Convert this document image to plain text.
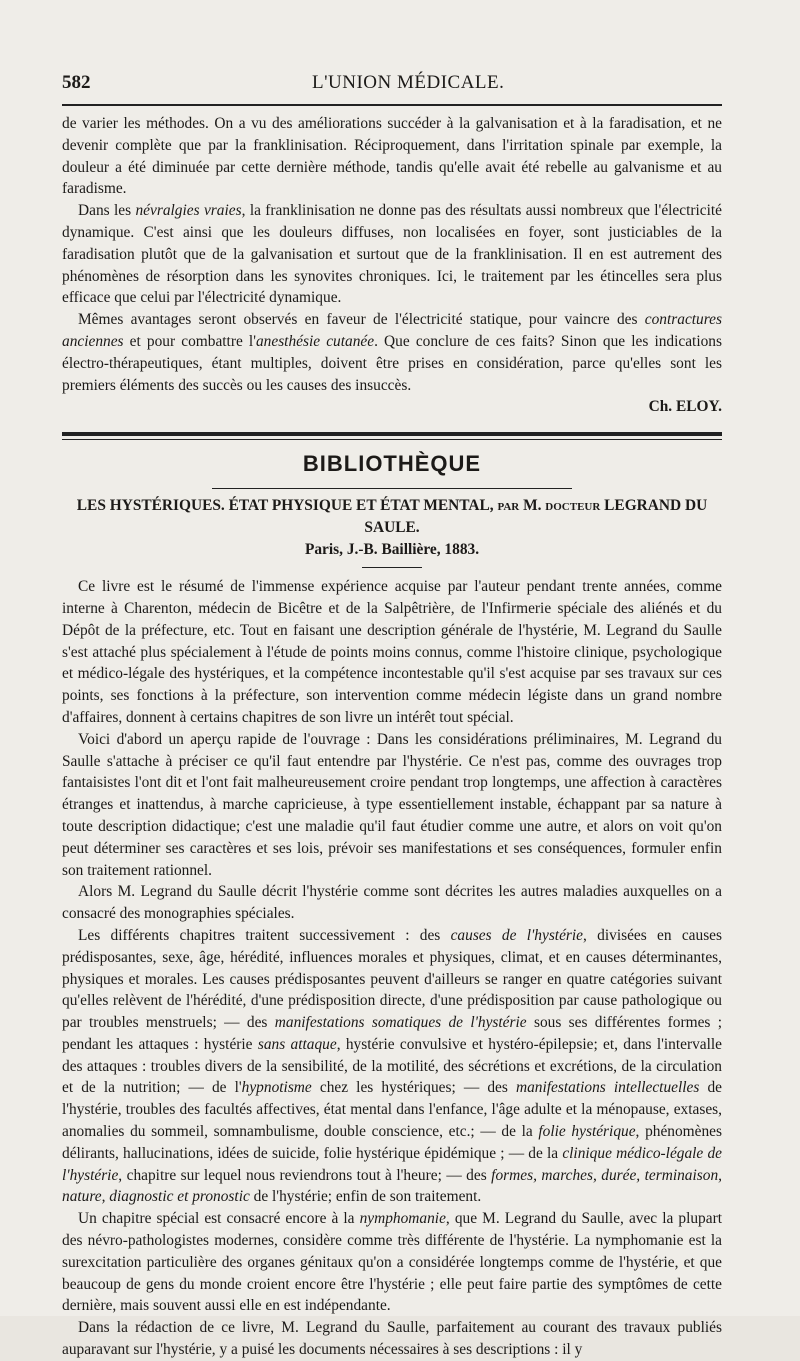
582	L'UNION MÉDICALE.

de varier les méthodes. On a vu des améliorations succéder à la galvanisation et à la faradisation, et ne devenir complète que par la franklinisation. Réciproquement, dans l'irritation spinale par exemple, la douleur a été diminuée par cette dernière méthode, tandis qu'elle avait été rebelle au galvanisme et au faradisme.

Dans les névralgies vraies, la franklinisation ne donne pas des résultats aussi nombreux que l'électricité dynamique. C'est ainsi que les douleurs diffuses, non localisées en foyer, sont justiciables de la faradisation plutôt que de la galvanisation et surtout que de la franklinisation. Il en est autrement des phénomènes de résorption dans les synovites chroniques. Ici, le traitement par les étincelles sera plus efficace que celui par l'électricité dynamique.

Mêmes avantages seront observés en faveur de l'électricité statique, pour vaincre des contractures anciennes et pour combattre l'anesthésie cutanée. Que conclure de ces faits? Sinon que les indications électro-thérapeutiques, étant multiples, doivent être prises en considération, parce qu'elles sont les premiers éléments des succès ou les causes des insuccès.

Ch. ELOY.
BIBLIOTHÈQUE
LES HYSTÉRIQUES. ÉTAT PHYSIQUE ET ÉTAT MENTAL, par M. docteur LEGRAND DU SAULE.
Paris, J.-B. Baillière, 1883.

Ce livre est le résumé de l'immense expérience acquise par l'auteur pendant trente années, comme interne à Charenton, médecin de Bicêtre et de la Salpêtrière, de l'Infirmerie spéciale des aliénés et du Dépôt de la préfecture, etc. Tout en faisant une description générale de l'hystérie, M. Legrand du Saulle s'est attaché plus spécialement à l'étude de points moins connus, comme l'histoire clinique, psychologique et médico-légale des hystériques, et la compétence incontestable qu'il s'est acquise par ses travaux sur ces points, ses fonctions à la préfecture, son intervention comme médecin légiste dans un grand nombre d'affaires, donnent à certains chapitres de son livre un intérêt tout spécial.

Voici d'abord un aperçu rapide de l'ouvrage : Dans les considérations préliminaires, M. Legrand du Saulle s'attache à préciser ce qu'il faut entendre par l'hystérie. Ce n'est pas, comme des ouvrages trop fantaisistes l'ont dit et l'ont fait malheureusement croire pendant trop longtemps, une affection à caractères étranges et inattendus, à marche capricieuse, à type essentiellement instable, échappant par sa nature à toute description didactique; c'est une maladie qu'il faut étudier comme une autre, et alors on voit qu'on peut déterminer ses caractères et ses lois, prévoir ses manifestations et ses conséquences, formuler enfin son traitement rationnel.

Alors M. Legrand du Saulle décrit l'hystérie comme sont décrites les autres maladies auxquelles on a consacré des monographies spéciales.

Les différents chapitres traitent successivement : des causes de l'hystérie, divisées en causes prédisposantes, sexe, âge, hérédité, influences morales et physiques, climat, et en causes déterminantes, physiques et morales. Les causes prédisposantes peuvent d'ailleurs se ranger en quatre catégories suivant qu'elles relèvent de l'hérédité, d'une prédisposition directe, d'une prédisposition par cause pathologique ou par troubles menstruels; — des manifestations somatiques de l'hystérie sous ses différentes formes ; pendant les attaques : hystérie sans attaque, hystérie convulsive et hystéro-épilepsie; et, dans l'intervalle des attaques : troubles divers de la sensibilité, de la motilité, des sécrétions et excrétions, de la circulation et de la nutrition; — de l'hypnotisme chez les hystériques; — des manifestations intellectuelles de l'hystérie, troubles des facultés affectives, état mental dans l'enfance, l'âge adulte et la ménopause, extases, anomalies du sommeil, somnambulisme, double conscience, etc.; — de la folie hystérique, phénomènes délirants, hallucinations, idées de suicide, folie hystérique épidémique ; — de la clinique médico-légale de l'hystérie, chapitre sur lequel nous reviendrons tout à l'heure; — des formes, marches, durée, terminaison, nature, diagnostic et pronostic de l'hystérie; enfin de son traitement.

Un chapitre spécial est consacré encore à la nymphomanie, que M. Legrand du Saulle, avec la plupart des névro-pathologistes modernes, considère comme très différente de l'hystérie. La nymphomanie est la surexcitation particulière des organes génitaux qu'on a considérée longtemps comme de l'hystérie, et que beaucoup de gens du monde croient encore être l'hystérie ; elle peut faire partie des symptômes de cette dernière, mais souvent aussi elle en est indépendante.

Dans la rédaction de ce livre, M. Legrand du Saulle, parfaitement au courant des travaux publiés auparavant sur l'hystérie, y a puisé les documents nécessaires à ses descriptions : il y
